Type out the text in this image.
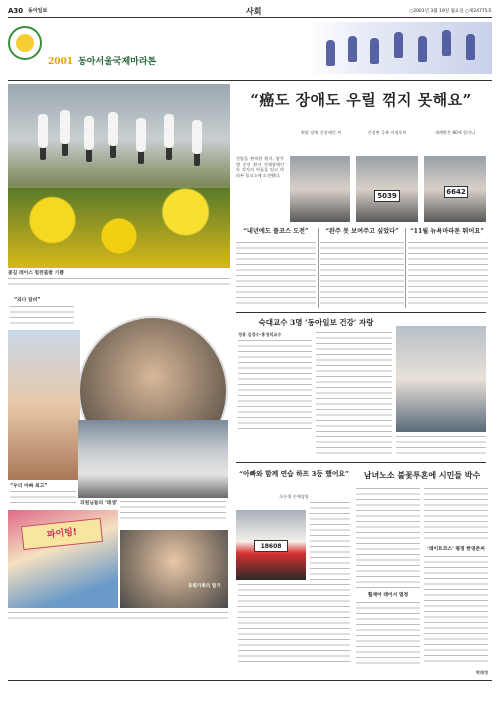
A30 동아일보	사회	○2001년 3월 19일 월요일 ○제24775호
2001 동아서울국제마라톤
꽃길 레이스 힘찬출발 기쁨
“와다 달려”
“우리 아빠 최고”
의원님들의 ‘레생’
파이팅!
응원가족의 열기
“癌도 장애도 우릴 꺾지 못해요”
간암을 완치한 환자, 암투병 중인 환자 지체장애인 등 각자의 아픔을 딛고 마라톤 풀코스에 도전했다.
5039	6642
왼팔 장애 신장애인 씨	간경변 극복 이정호씨	세례받은 80세 할머니
“내년에도 풀코스 도전”	“완주 못 보여주고 싶었다”	“11월 뉴욕마라톤 뛰어요”
숙대교수 3명 ‘동아일보 건강’ 자랑
정봉 김경수·홍정덕교수
“아빠와 함께 연습 하프 3등 했어요”
초등생 손예림양
18608
남녀노소 불꽃투혼에 시민들 박수
‘레이트코스’ 평정 한영준씨
휠체어 레이서 열정
박태정
